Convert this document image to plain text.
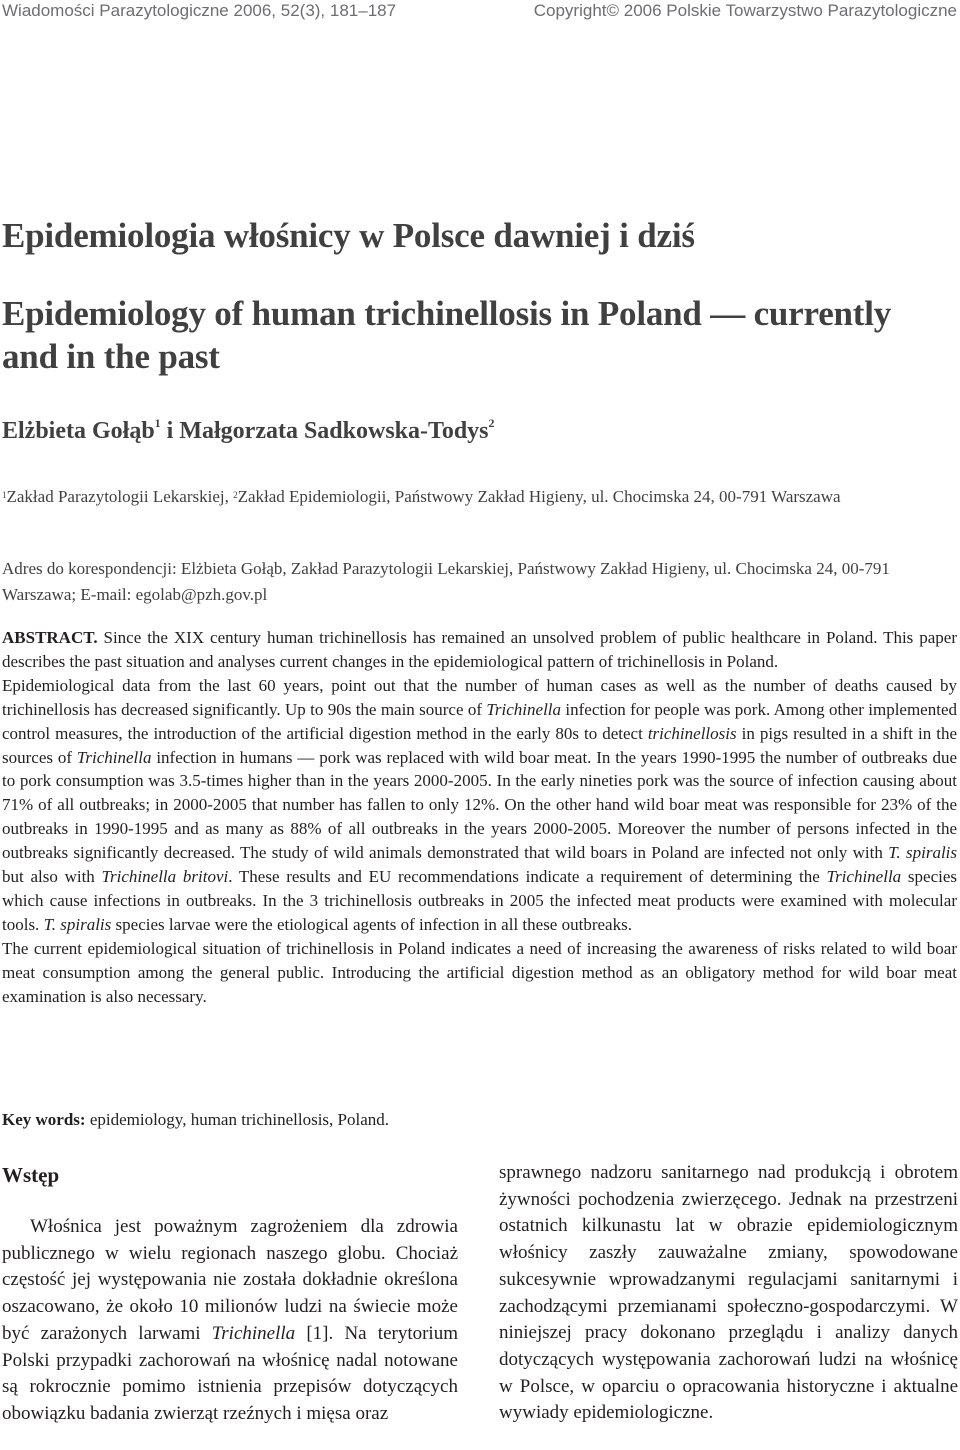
Wiadomości Parazytologiczne 2006, 52(3), 181–187	Copyright© 2006 Polskie Towarzystwo Parazytologiczne
Epidemiologia włośnicy w Polsce dawniej i dziś
Epidemiology of human trichinellosis in Poland — currently and in the past
Elżbieta Gołąb$^1$ i Małgorzata Sadkowska-Todys$^2$
$^1$Zakład Parazytologii Lekarskiej, $^2$Zakład Epidemiologii, Państwowy Zakład Higieny, ul. Chocimska 24, 00-791 Warszawa
Adres do korespondencji: Elżbieta Gołąb, Zakład Parazytologii Lekarskiej, Państwowy Zakład Higieny, ul. Chocimska 24, 00-791 Warszawa; E-mail: egolab@pzh.gov.pl

ABSTRACT. Since the XIX century human trichinellosis has remained an unsolved problem of public healthcare in Poland. This paper describes the past situation and analyses current changes in the epidemiological pattern of trichinellosis in Poland.

Epidemiological data from the last 60 years, point out that the number of human cases as well as the number of deaths caused by trichinellosis has decreased significantly. Up to 90s the main source of Trichinella infection for people was pork. Among other implemented control measures, the introduction of the artificial digestion method in the early 80s to detect trichinellosis in pigs resulted in a shift in the sources of Trichinella infection in humans — pork was replaced with wild boar meat. In the years 1990-1995 the number of outbreaks due to pork consumption was 3.5-times higher than in the years 2000-2005. In the early nineties pork was the source of infection causing about 71% of all outbreaks; in 2000-2005 that number has fallen to only 12%. On the other hand wild boar meat was responsible for 23% of the outbreaks in 1990-1995 and as many as 88% of all outbreaks in the years 2000-2005. Moreover the number of persons infected in the outbreaks significantly decreased. The study of wild animals demonstrated that wild boars in Poland are infected not only with T. spiralis but also with Trichinella britovi. These results and EU recommendations indicate a requirement of determining the Trichinella species which cause infections in outbreaks. In the 3 trichinellosis outbreaks in 2005 the infected meat products were examined with molecular tools. T. spiralis species larvae were the etiological agents of infection in all these outbreaks.

The current epidemiological situation of trichinellosis in Poland indicates a need of increasing the awareness of risks related to wild boar meat consumption among the general public. Introducing the artificial digestion method as an obligatory method for wild boar meat examination is also necessary.

Key words: epidemiology, human trichinellosis, Poland.
Wstęp

Włośnica jest poważnym zagrożeniem dla zdrowia publicznego w wielu regionach naszego globu. Chociaż częstość jej występowania nie została dokładnie określona oszacowano, że około 10 milionów ludzi na świecie może być zarażonych larwami Trichinella [1]. Na terytorium Polski przypadki zachorowań na włośnicę nadal notowane są rokrocznie pomimo istnienia przepisów dotyczących obowiązku badania zwierząt rzeźnych i mięsa oraz

sprawnego nadzoru sanitarnego nad produkcją i obrotem żywności pochodzenia zwierzęcego. Jednak na przestrzeni ostatnich kilkunastu lat w obrazie epidemiologicznym włośnicy zaszły zauważalne zmiany, spowodowane sukcesywnie wprowadzanymi regulacjami sanitarnymi i zachodzącymi przemianami społeczno-gospodarczymi. W niniejszej pracy dokonano przeglądu i analizy danych dotyczących występowania zachorowań ludzi na włośnicę w Polsce, w oparciu o opracowania historyczne i aktualne wywiady epidemiologiczne.
